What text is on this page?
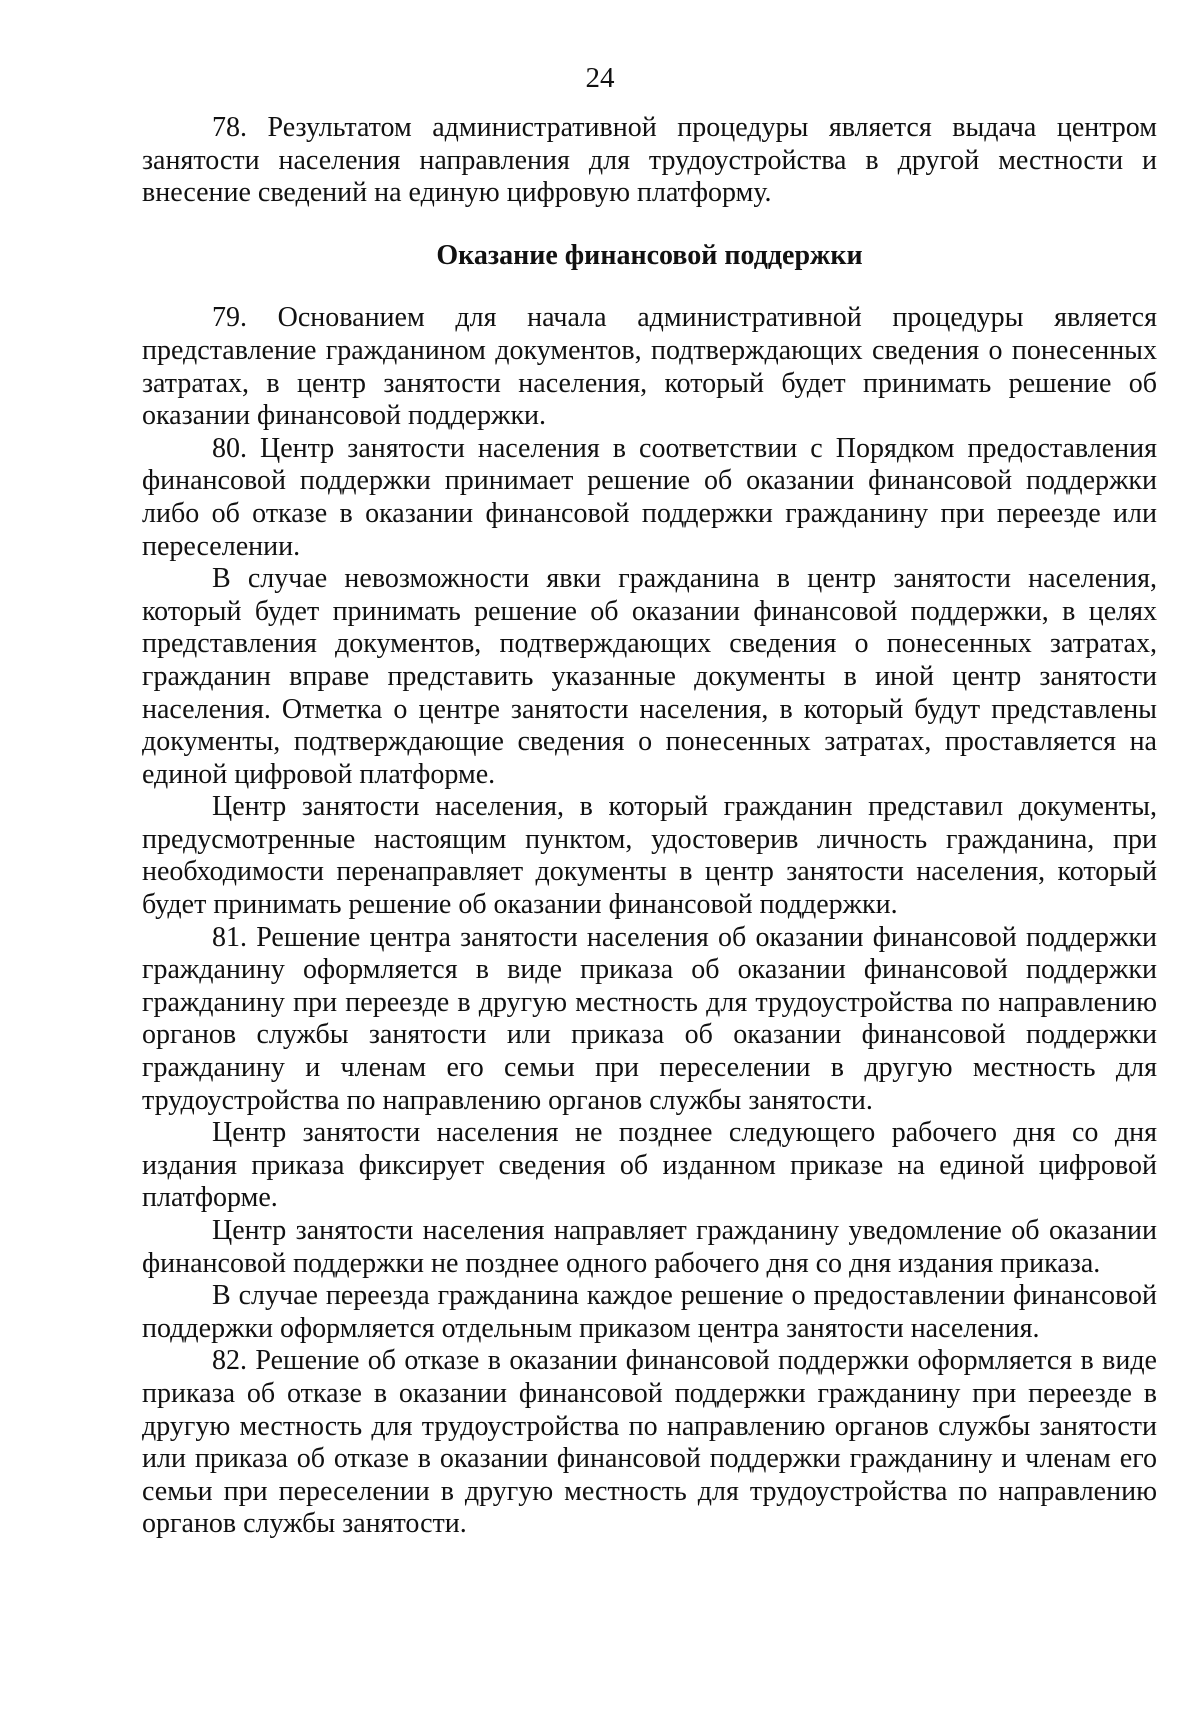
24

78. Результатом административной процедуры является выдача центром занятости населения направления для трудоустройства в другой местности и внесение сведений на единую цифровую платформу.

Оказание финансовой поддержки

79. Основанием для начала административной процедуры является представление гражданином документов, подтверждающих сведения о понесенных затратах, в центр занятости населения, который будет принимать решение об оказании финансовой поддержки.

80. Центр занятости населения в соответствии с Порядком предоставления финансовой поддержки принимает решение об оказании финансовой поддержки либо об отказе в оказании финансовой поддержки гражданину при переезде или переселении.

В случае невозможности явки гражданина в центр занятости населения, который будет принимать решение об оказании финансовой поддержки, в целях представления документов, подтверждающих сведения о понесенных затратах, гражданин вправе представить указанные документы в иной центр занятости населения. Отметка о центре занятости населения, в который будут представлены документы, подтверждающие сведения о понесенных затратах, проставляется на единой цифровой платформе.

Центр занятости населения, в который гражданин представил документы, предусмотренные настоящим пунктом, удостоверив личность гражданина, при необходимости перенаправляет документы в центр занятости населения, который будет принимать решение об оказании финансовой поддержки.

81. Решение центра занятости населения об оказании финансовой поддержки гражданину оформляется в виде приказа об оказании финансовой поддержки гражданину при переезде в другую местность для трудоустройства по направлению органов службы занятости или приказа об оказании финансовой поддержки гражданину и членам его семьи при переселении в другую местность для трудоустройства по направлению органов службы занятости.

Центр занятости населения не позднее следующего рабочего дня со дня издания приказа фиксирует сведения об изданном приказе на единой цифровой платформе.

Центр занятости населения направляет гражданину уведомление об оказании финансовой поддержки не позднее одного рабочего дня со дня издания приказа.

В случае переезда гражданина каждое решение о предоставлении финансовой поддержки оформляется отдельным приказом центра занятости населения.

82. Решение об отказе в оказании финансовой поддержки оформляется в виде приказа об отказе в оказании финансовой поддержки гражданину при переезде в другую местность для трудоустройства по направлению органов службы занятости или приказа об отказе в оказании финансовой поддержки гражданину и членам его семьи при переселении в другую местность для трудоустройства по направлению органов службы занятости.
